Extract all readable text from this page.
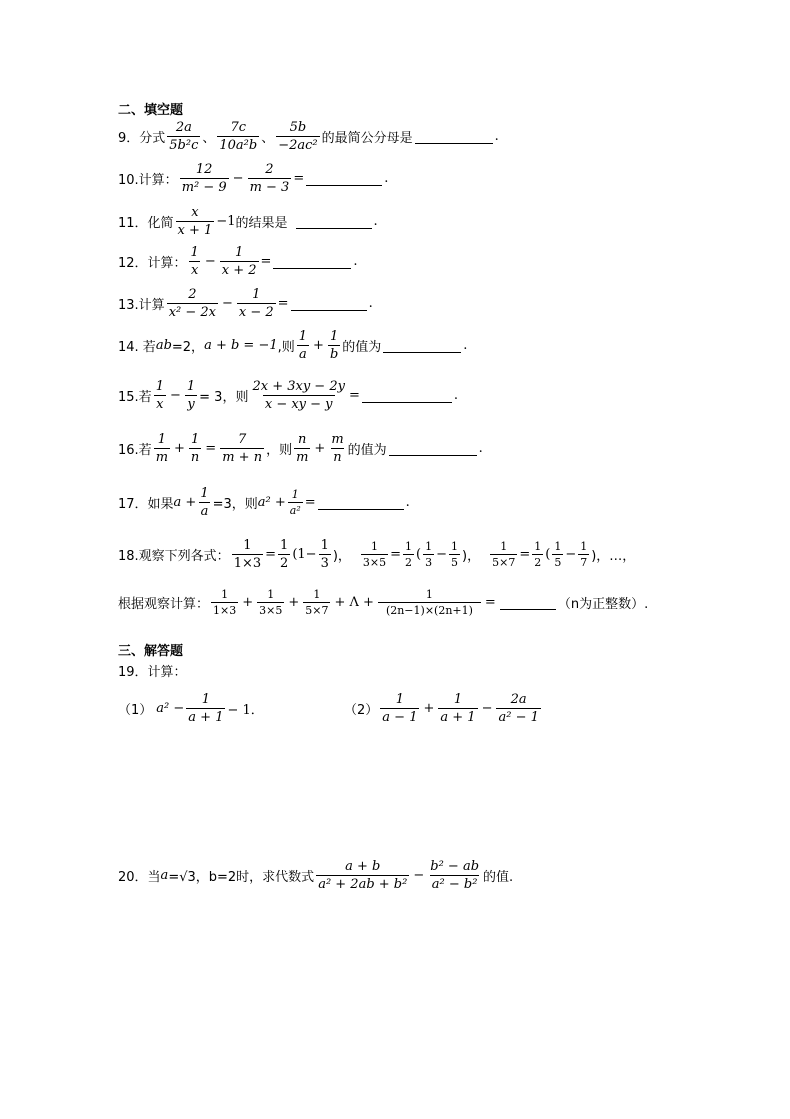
二、填空题
9．分式 $\frac{2a}{\text{5b²c}}$ 、 $\frac{7c}{\text{10a²b}}$ 、 $\frac{5b}{\text{−2ac²}}$ 的最简公分母是	.
10.计算： $\frac{12}{\text{m² − 9}} - \frac{2}{m - 3}$ =	.
11．化简 $\frac{x}{x + 1} -1$ 的结果是	.
12．计算： $\frac{1}{x} - \frac{1}{x + 2}$ =	.
13.计算 $\frac{2}{\text{x² − 2x}} - \frac{1}{x - 2}$ =	.
14. 若 ab =2， a + b = −1 ,则 $\frac{1}{a} + \frac{1}{b}$ 的值为	.
15.若 $\frac{1}{x} - \frac{1}{y} = 3$，则 $\frac{2x + 3xy - 2y}{x - xy - y}$ =	.
16.若 $\frac{1}{m} + \frac{1}{n} = \frac{7}{m + n}$ ，则 $\frac{n}{m} + \frac{m}{n}$ 的值为	.
17．如果 $a + \frac{1}{a} =3$，则 $a^2 + \frac{1}{\text{a²}}$ =	.
18.观察下列各式： $\frac{1}{1\times 3} = \frac{1}{2} (1- \frac{1}{3}$ )， $\frac{1}{3\times 5} = \frac{1}{2}$ ( $\frac{1}{3} - \frac{1}{5}$ )， $\frac{1}{5\times 7} = \frac{1}{2}$ ( $\frac{1}{5} - \frac{1}{7}$ )，…，
根据观察计算： $\frac{1}{1\times 3} + \frac{1}{3\times 5} + \frac{1}{5\times 7} + \Lambda + \frac{1}{(2n-1)\times(2n+1)}$ =	（n为正整数）.
三、解答题
19．计算：
（1） $a^2 - \frac{1}{a + 1} - 1$．	$(2) \frac{1}{a - 1} + \frac{1}{a + 1} - \frac{2a}{\text{a² − 1}}$
20．当 a =√3，b=2时，求代数式 $\frac{a + b}{\text{a² + 2ab + b²}} - \frac{\text{b² − ab}}{\text{a² − b²}}$ 的值.
